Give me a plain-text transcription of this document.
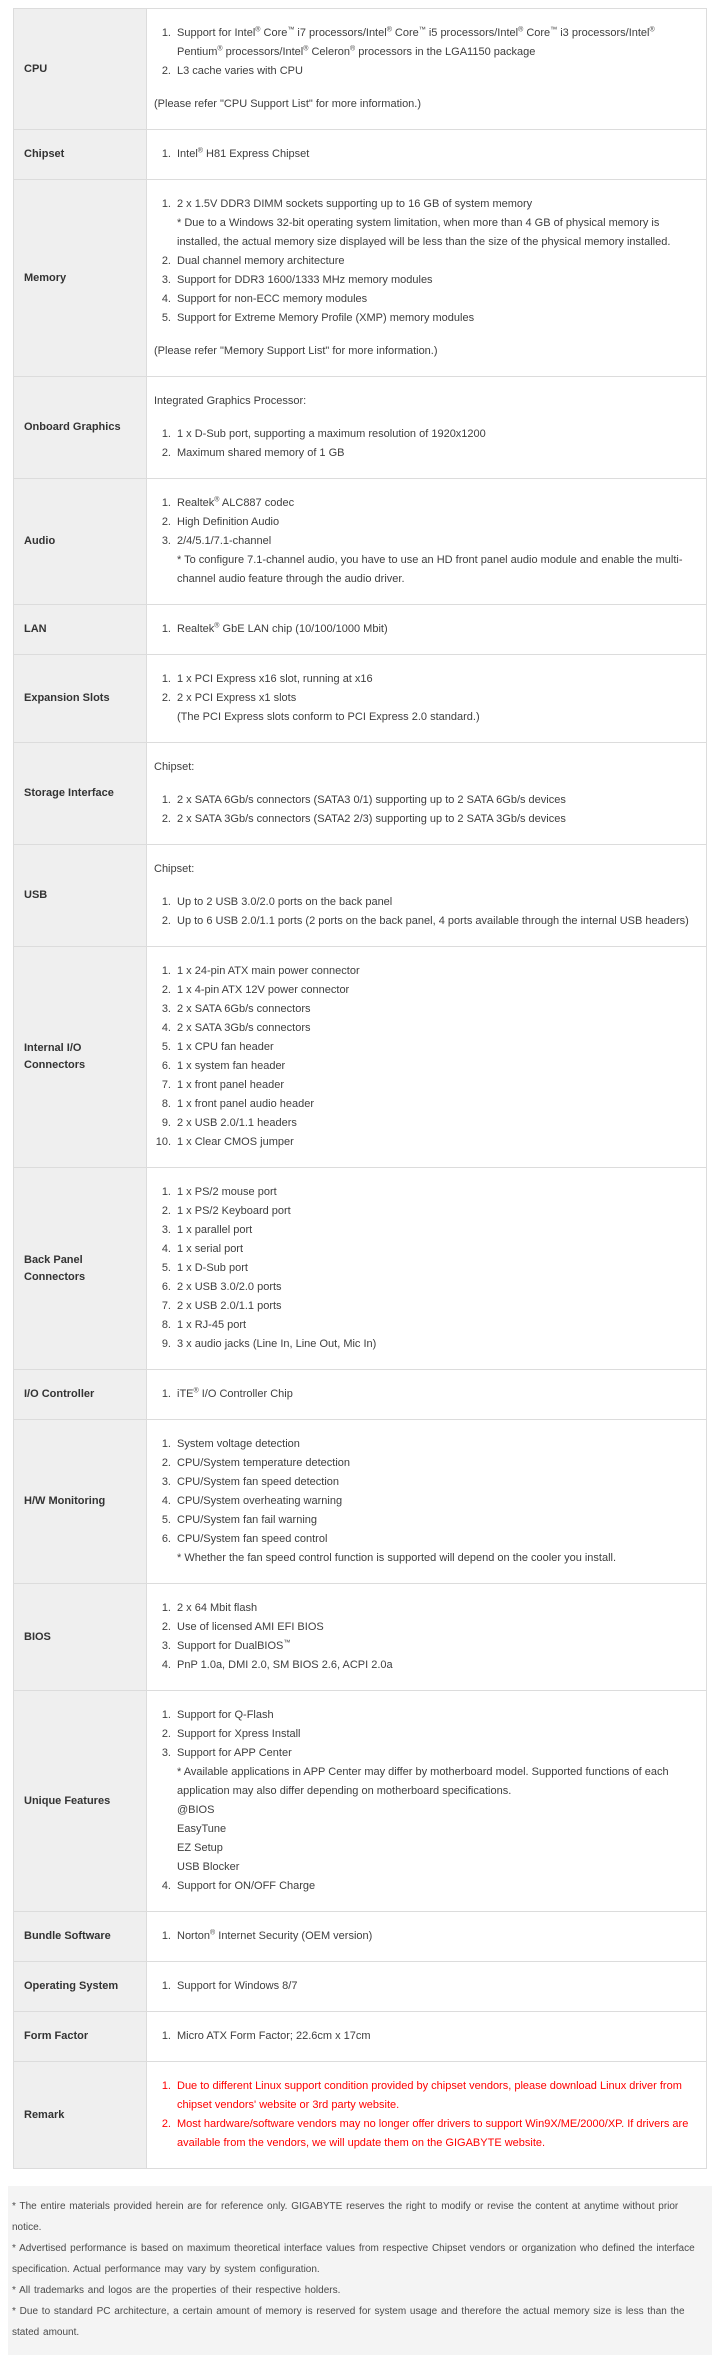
CPU	1. Support for Intel® Core™ i7 processors/Intel® Core™ i5 processors/Intel® Core™ i3 processors/Intel® Pentium® processors/Intel® Celeron® processors in the LGA1150 package
2. L3 cache varies with CPU
(Please refer "CPU Support List" for more information.)

Chipset	1. Intel® H81 Express Chipset

Memory	
1. 2 x 1.5V DDR3 DIMM sockets supporting up to 16 GB of system memory
* Due to a Windows 32-bit operating system limitation, when more than 4 GB of physical memory is installed, the actual memory size displayed will be less than the size of the physical memory installed.
2. Dual channel memory architecture
3. Support for DDR3 1600/1333 MHz memory modules
4. Support for non-ECC memory modules
5. Support for Extreme Memory Profile (XMP) memory modules
(Please refer "Memory Support List" for more information.)

Onboard Graphics	Integrated Graphics Processor:
1. 1 x D-Sub port, supporting a maximum resolution of 1920x1200
2. Maximum shared memory of 1 GB

Audio	
1. Realtek® ALC887 codec
2. High Definition Audio
3. 2/4/5.1/7.1-channel
* To configure 7.1-channel audio, you have to use an HD front panel audio module and enable the multi-channel audio feature through the audio driver.

LAN	1. Realtek® GbE LAN chip (10/100/1000 Mbit)

Expansion Slots	1. 1 x PCI Express x16 slot, running at x16
2. 2 x PCI Express x1 slots
(The PCI Express slots conform to PCI Express 2.0 standard.)

Storage Interface	Chipset:
1. 2 x SATA 6Gb/s connectors (SATA3 0/1) supporting up to 2 SATA 6Gb/s devices
2. 2 x SATA 3Gb/s connectors (SATA2 2/3) supporting up to 2 SATA 3Gb/s devices

USB	Chipset:
1. Up to 2 USB 3.0/2.0 ports on the back panel
2. Up to 6 USB 2.0/1.1 ports (2 ports on the back panel, 4 ports available through the internal USB headers)

Internal I/O Connectors	
1. 1 x 24-pin ATX main power connector
2. 1 x 4-pin ATX 12V power connector
3. 2 x SATA 6Gb/s connectors
4. 2 x SATA 3Gb/s connectors
5. 1 x CPU fan header
6. 1 x system fan header
7. 1 x front panel header
8. 1 x front panel audio header
9. 2 x USB 2.0/1.1 headers
10. 1 x Clear CMOS jumper

Back Panel Connectors	
1. 1 x PS/2 mouse port
2. 1 x PS/2 Keyboard port
3. 1 x parallel port
4. 1 x serial port
5. 1 x D-Sub port
6. 2 x USB 3.0/2.0 ports
7. 2 x USB 2.0/1.1 ports
8. 1 x RJ-45 port
9. 3 x audio jacks (Line In, Line Out, Mic In)

I/O Controller	1. iTE® I/O Controller Chip

H/W Monitoring	
1. System voltage detection
2. CPU/System temperature detection
3. CPU/System fan speed detection
4. CPU/System overheating warning
5. CPU/System fan fail warning
6. CPU/System fan speed control
* Whether the fan speed control function is supported will depend on the cooler you install.

BIOS	
1. 2 x 64 Mbit flash
2. Use of licensed AMI EFI BIOS
3. Support for DualBIOS™
4. PnP 1.0a, DMI 2.0, SM BIOS 2.6, ACPI 2.0a

Unique Features	
1. Support for Q-Flash
2. Support for Xpress Install
3. Support for APP Center
* Available applications in APP Center may differ by motherboard model. Supported functions of each application may also differ depending on motherboard specifications.
@BIOS
EasyTune
EZ Setup
USB Blocker
4. Support for ON/OFF Charge

Bundle Software	1. Norton® Internet Security (OEM version)

Operating System	1. Support for Windows 8/7

Form Factor	1. Micro ATX Form Factor; 22.6cm x 17cm

Remark	1. Due to different Linux support condition provided by chipset vendors, please download Linux driver from chipset vendors' website or 3rd party website.
2. Most hardware/software vendors may no longer offer drivers to support Win9X/ME/2000/XP. If drivers are available from the vendors, we will update them on the GIGABYTE website.
* The entire materials provided herein are for reference only. GIGABYTE reserves the right to modify or revise the content at anytime without prior notice.
* Advertised performance is based on maximum theoretical interface values from respective Chipset vendors or organization who defined the interface specification. Actual performance may vary by system configuration.
* All trademarks and logos are the properties of their respective holders.
* Due to standard PC architecture, a certain amount of memory is reserved for system usage and therefore the actual memory size is less than the stated amount.
